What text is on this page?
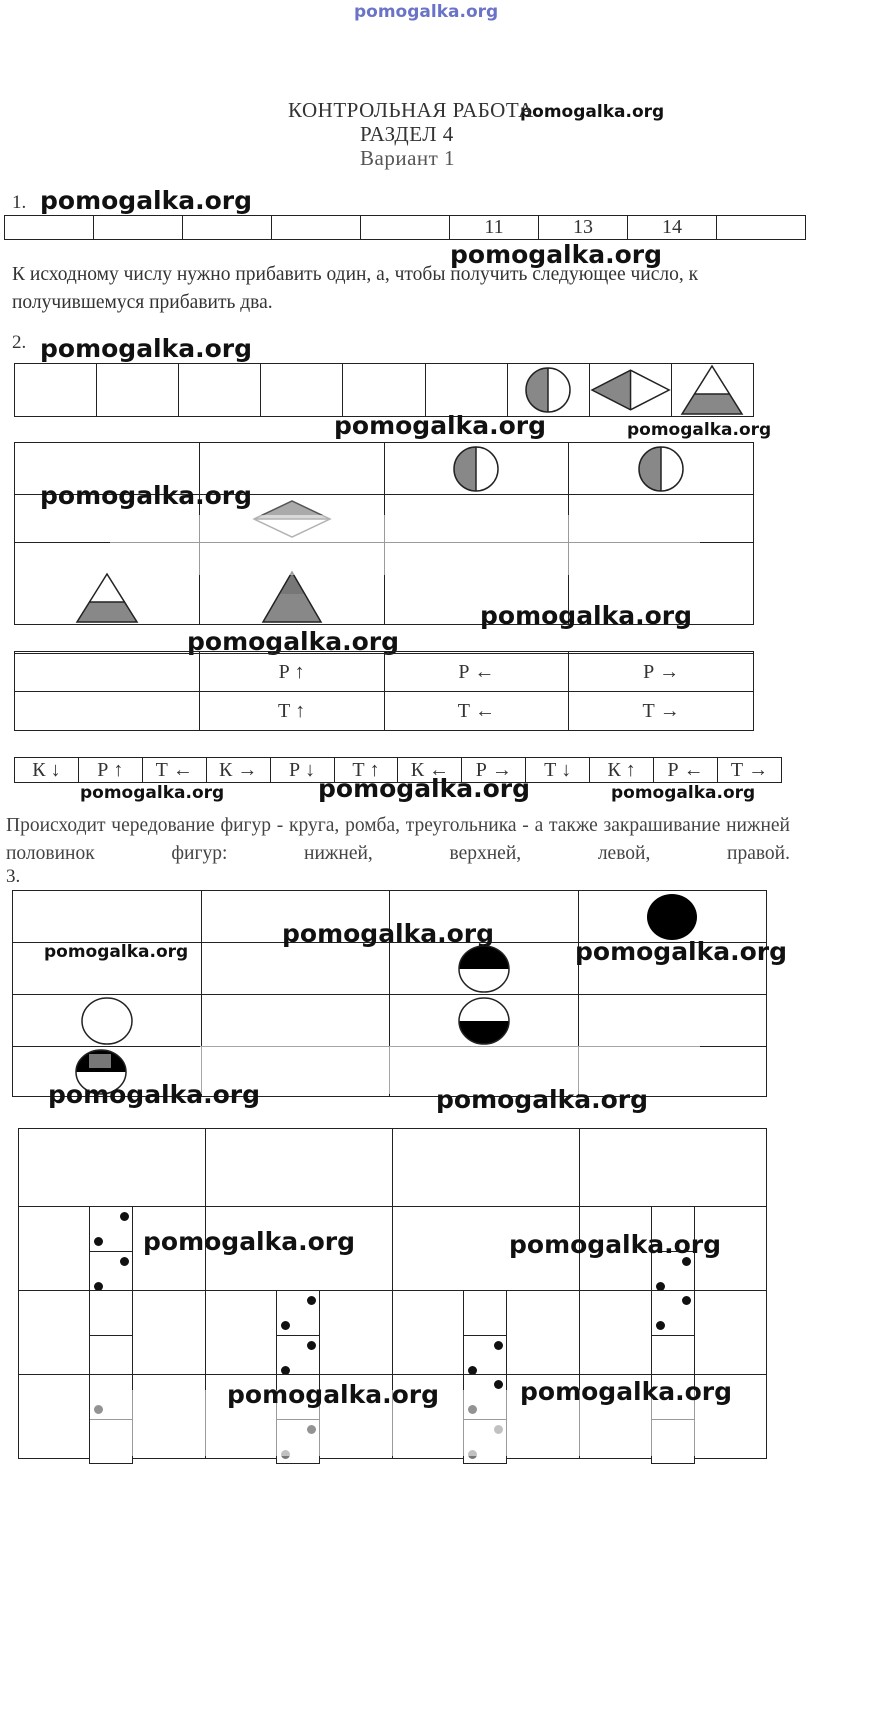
pomogalka.org
pomogalka.org
КОНТРОЛЬНАЯ РАБОТА
РАЗДЕЛ 4
Вариант 1
1. pomogalka.org
					11	13	14	
pomogalka.org
К исходному числу нужно прибавить один, а, чтобы получить следующее число, к получившемуся прибавить два.
2. pomogalka.org

pomogalka.org	pomogalka.org

pomogalka.org
pomogalka.org
pomogalka.org

	Р ↑	Р ←	Р →
	Т ↑	Т ←	Т →
К ↓	Р ↑	Т ←	К →	Р ↓	Т ↑	К ←	Р →	Т ↓	К ↑	Р ←	Т →
pomogalka.org	pomogalka.org	pomogalka.org
Происходит чередование фигур - круга, ромба, треугольника - а также закрашивание нижней половинок фигур: нижней, верхней, левой, правой.
3.

pomogalka.org
pomogalka.org
pomogalka.org
pomogalka.org	pomogalka.org

pomogalka.org	pomogalka.org
pomogalka.org	pomogalka.org
